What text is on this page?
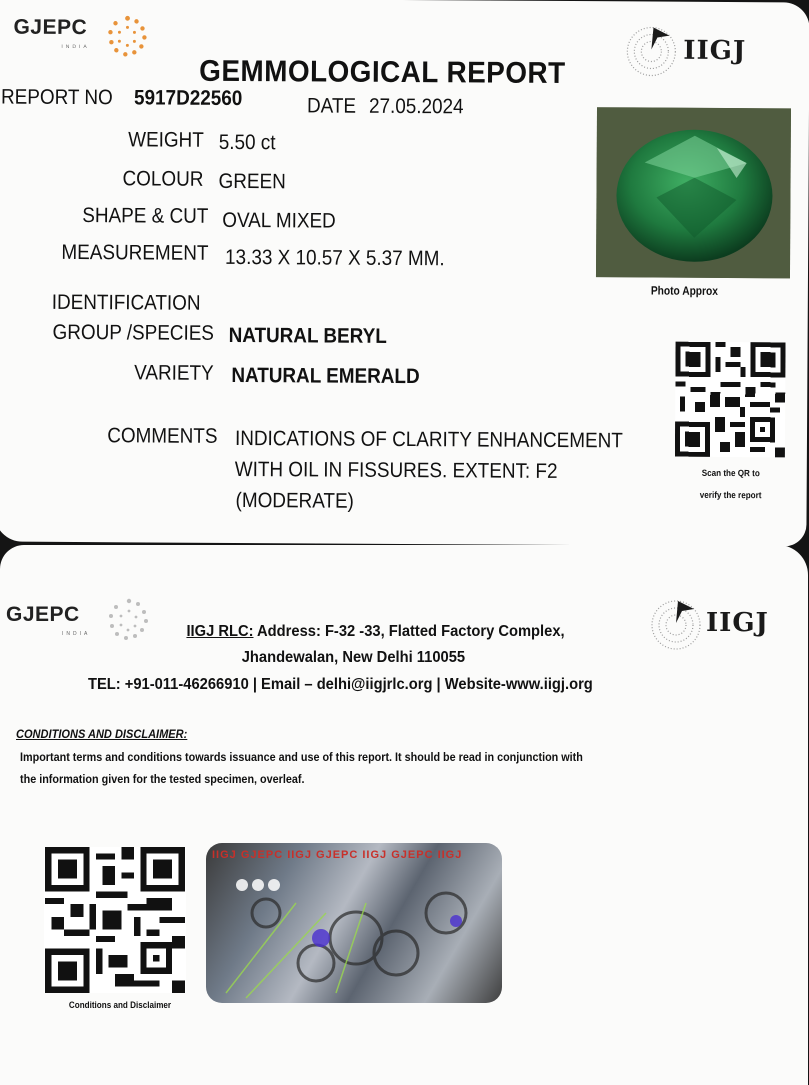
GJEPC
INDIA	IIGJ
GEMMOLOGICAL REPORT
REPORT NO 5917D22560	DATE 27.05.2024
WEIGHT 5.50 ct
COLOUR GREEN
SHAPE & CUT OVAL MIXED
MEASUREMENT 13.33 X 10.57 X 5.37 MM.
IDENTIFICATION
GROUP /SPECIES NATURAL BERYL
VARIETY NATURAL EMERALD
COMMENTS INDICATIONS OF CLARITY ENHANCEMENT
WITH OIL IN FISSURES. EXTENT: F2
(MODERATE)
Photo Approx
Scan the QR to
verify the report
GJEPC
INDIA	IIGJ
IIGJ RLC: Address: F-32 -33, Flatted Factory Complex,
Jhandewalan, New Delhi 110055
TEL: +91-011-46266910 | Email – delhi@iigjrlc.org | Website-www.iigj.org
CONDITIONS AND DISCLAIMER:
Important terms and conditions towards issuance and use of this report. It should be read in conjunction with
the information given for the tested specimen, overleaf.
Conditions and Disclaimer
IIGJ GJEPC IIGJ GJEPC IIGJ GJEPC IIGJ
